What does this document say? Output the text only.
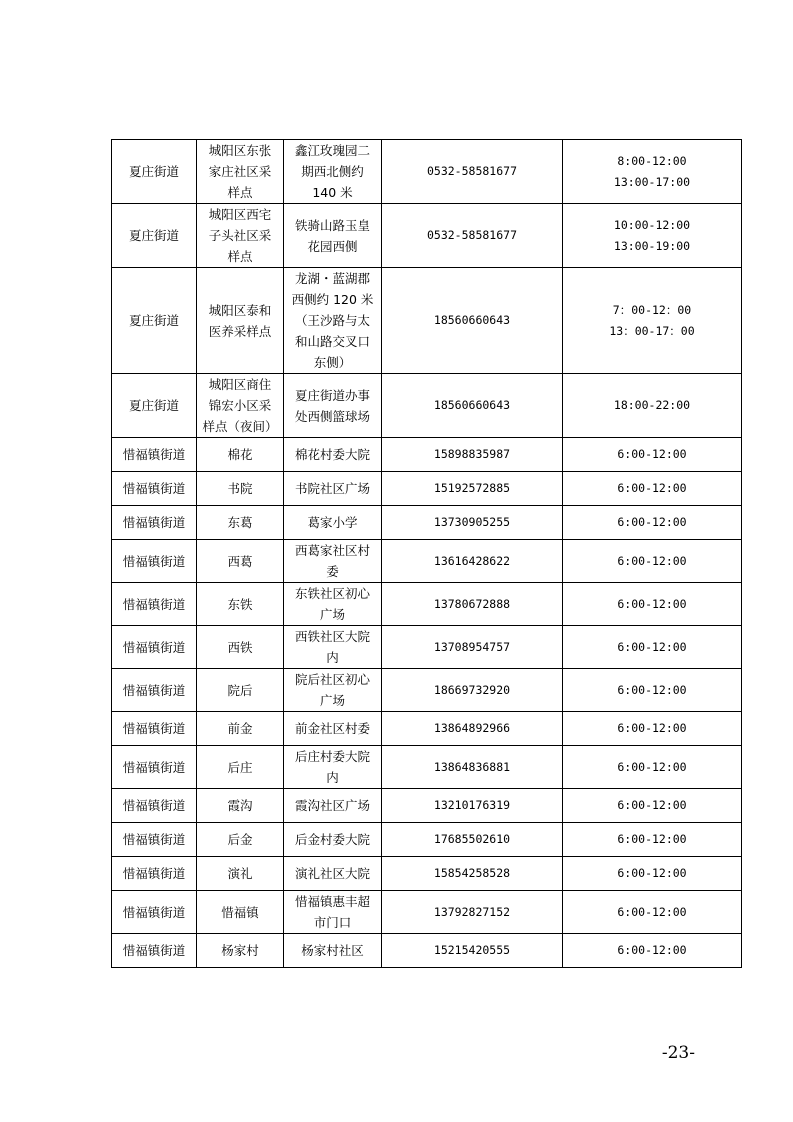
夏庄街道	城阳区东张
家庄社区采
样点	鑫江玫瑰园二
期西北侧约
140 米	0532-58581677	8:00-12:00
13:00-17:00

夏庄街道	城阳区西宅
子头社区采
样点	铁骑山路玉皇
花园西侧	0532-58581677	10:00-12:00
13:00-19:00

夏庄街道	城阳区泰和
医养采样点	龙湖・蓝湖郡
西侧约 120 米
（王沙路与太
和山路交叉口
东侧）	18560660643	7：00-12：00
13：00-17：00

夏庄街道	城阳区商住
锦宏小区采
样点（夜间）	夏庄街道办事
处西侧篮球场	18560660643	18:00-22:00

惜福镇街道	棉花	棉花村委大院	15898835987	6:00-12:00

惜福镇街道	书院	书院社区广场	15192572885	6:00-12:00

惜福镇街道	东葛	葛家小学	13730905255	6:00-12:00

惜福镇街道	西葛	西葛家社区村
委	13616428622	6:00-12:00

惜福镇街道	东铁	东铁社区初心
广场	13780672888	6:00-12:00

惜福镇街道	西铁	西铁社区大院
内	13708954757	6:00-12:00

惜福镇街道	院后	院后社区初心
广场	18669732920	6:00-12:00

惜福镇街道	前金	前金社区村委	13864892966	6:00-12:00

惜福镇街道	后庄	后庄村委大院
内	13864836881	6:00-12:00

惜福镇街道	霞沟	霞沟社区广场	13210176319	6:00-12:00

惜福镇街道	后金	后金村委大院	17685502610	6:00-12:00

惜福镇街道	演礼	演礼社区大院	15854258528	6:00-12:00

惜福镇街道	惜福镇	惜福镇惠丰超
市门口	13792827152	6:00-12:00

惜福镇街道	杨家村	杨家村社区	15215420555	6:00-12:00
-23-
